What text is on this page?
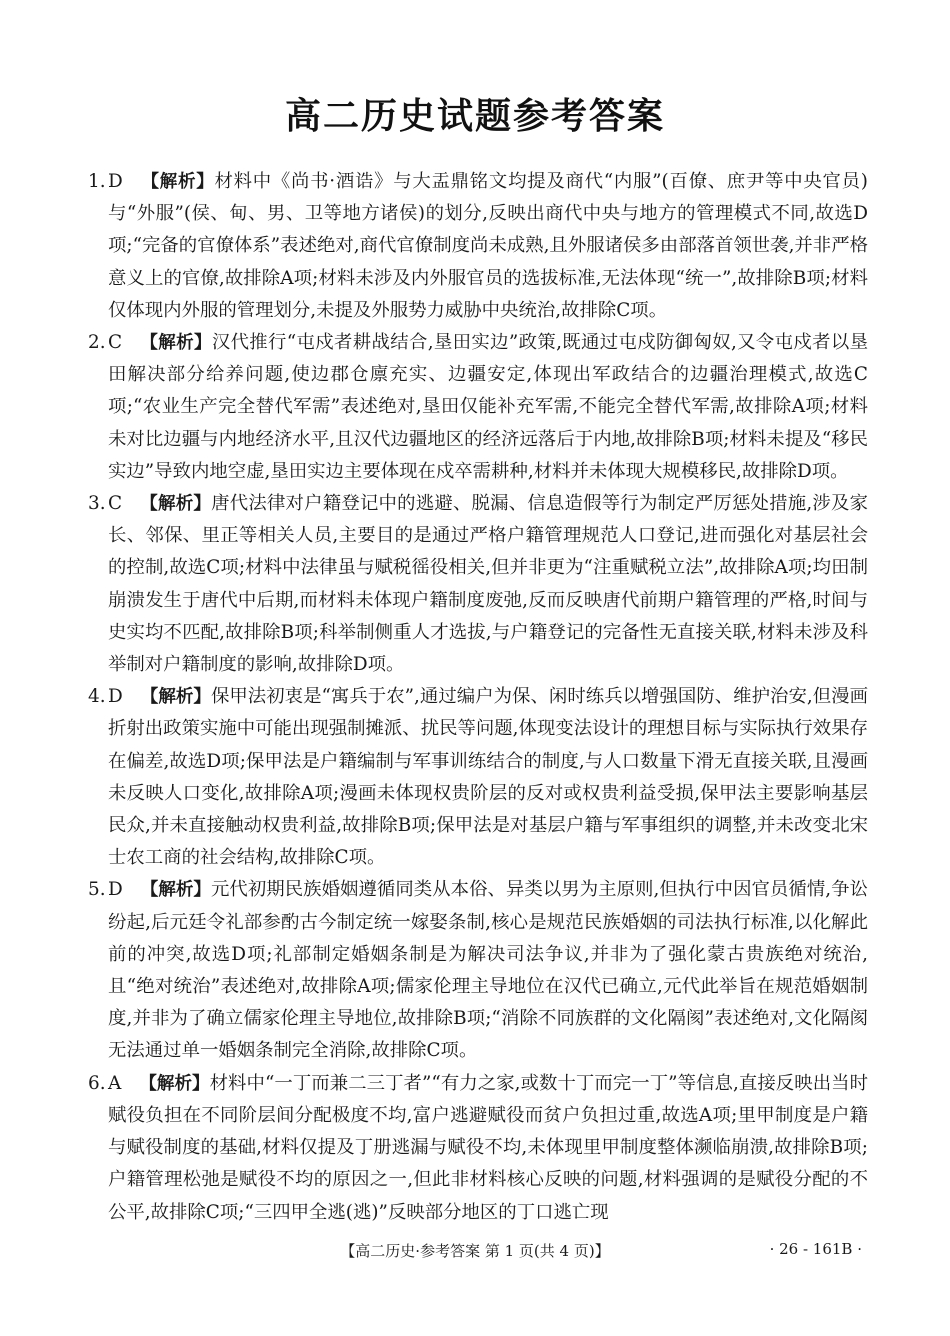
高二历史试题参考答案
1. D 【解析】材料中《尚书·酒诰》与大盂鼎铭文均提及商代“内服”(百僚、庶尹等中央官员)与“外服”(侯、甸、男、卫等地方诸侯)的划分,反映出商代中央与地方的管理模式不同,故选D项;“完备的官僚体系”表述绝对,商代官僚制度尚未成熟,且外服诸侯多由部落首领世袭,并非严格意义上的官僚,故排除A项;材料未涉及内外服官员的选拔标准,无法体现“统一”,故排除B项;材料仅体现内外服的管理划分,未提及外服势力威胁中央统治,故排除C项。
2. C 【解析】汉代推行“屯戍者耕战结合,垦田实边”政策,既通过屯戍防御匈奴,又令屯戍者以垦田解决部分给养问题,使边郡仓廪充实、边疆安定,体现出军政结合的边疆治理模式,故选C项;“农业生产完全替代军需”表述绝对,垦田仅能补充军需,不能完全替代军需,故排除A项;材料未对比边疆与内地经济水平,且汉代边疆地区的经济远落后于内地,故排除B项;材料未提及“移民实边”导致内地空虚,垦田实边主要体现在戍卒需耕种,材料并未体现大规模移民,故排除D项。
3. C 【解析】唐代法律对户籍登记中的逃避、脱漏、信息造假等行为制定严厉惩处措施,涉及家长、邻保、里正等相关人员,主要目的是通过严格户籍管理规范人口登记,进而强化对基层社会的控制,故选C项;材料中法律虽与赋税徭役相关,但并非更为“注重赋税立法”,故排除A项;均田制崩溃发生于唐代中后期,而材料未体现户籍制度废弛,反而反映唐代前期户籍管理的严格,时间与史实均不匹配,故排除B项;科举制侧重人才选拔,与户籍登记的完备性无直接关联,材料未涉及科举制对户籍制度的影响,故排除D项。
4. D 【解析】保甲法初衷是“寓兵于农”,通过编户为保、闲时练兵以增强国防、维护治安,但漫画折射出政策实施中可能出现强制摊派、扰民等问题,体现变法设计的理想目标与实际执行效果存在偏差,故选D项;保甲法是户籍编制与军事训练结合的制度,与人口数量下滑无直接关联,且漫画未反映人口变化,故排除A项;漫画未体现权贵阶层的反对或权贵利益受损,保甲法主要影响基层民众,并未直接触动权贵利益,故排除B项;保甲法是对基层户籍与军事组织的调整,并未改变北宋士农工商的社会结构,故排除C项。
5. D 【解析】元代初期民族婚姻遵循同类从本俗、异类以男为主原则,但执行中因官员循情,争讼纷起,后元廷令礼部参酌古今制定统一嫁娶条制,核心是规范民族婚姻的司法执行标准,以化解此前的冲突,故选D项;礼部制定婚姻条制是为解决司法争议,并非为了强化蒙古贵族绝对统治,且“绝对统治”表述绝对,故排除A项;儒家伦理主导地位在汉代已确立,元代此举旨在规范婚姻制度,并非为了确立儒家伦理主导地位,故排除B项;“消除不同族群的文化隔阂”表述绝对,文化隔阂无法通过单一婚姻条制完全消除,故排除C项。
6. A 【解析】材料中“一丁而兼二三丁者”“有力之家,或数十丁而完一丁”等信息,直接反映出当时赋役负担在不同阶层间分配极度不均,富户逃避赋役而贫户负担过重,故选A项;里甲制度是户籍与赋役制度的基础,材料仅提及丁册逃漏与赋役不均,未体现里甲制度整体濒临崩溃,故排除B项;户籍管理松弛是赋役不均的原因之一,但此非材料核心反映的问题,材料强调的是赋役分配的不公平,故排除C项;“三四甲全逃(逃)”反映部分地区的丁口逃亡现
【高二历史·参考答案 第 1 页(共 4 页)】	· 26 - 161B ·
